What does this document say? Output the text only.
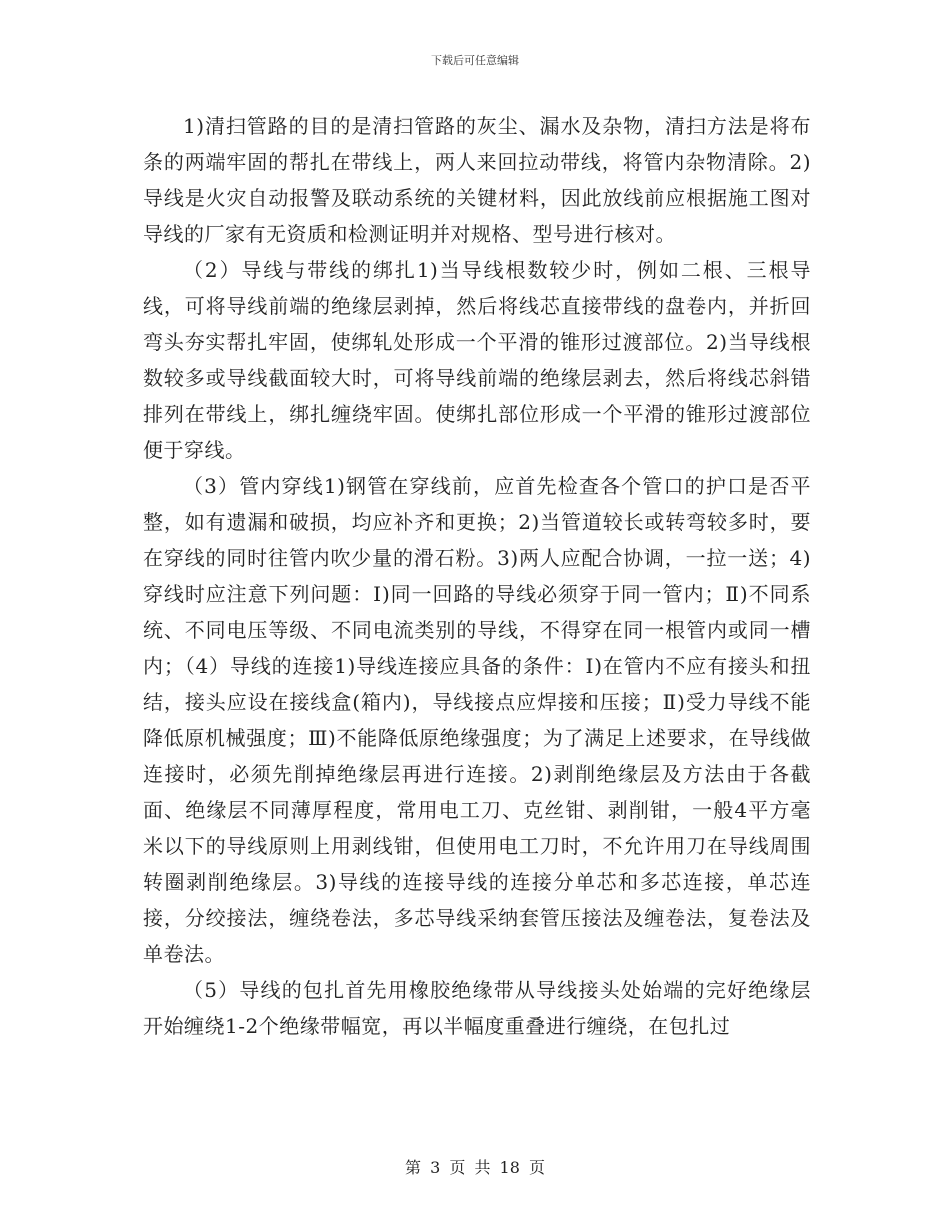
下载后可任意编辑

1)清扫管路的目的是清扫管路的灰尘、漏水及杂物，清扫方法是将布条的两端牢固的帮扎在带线上，两人来回拉动带线，将管内杂物清除。2)导线是火灾自动报警及联动系统的关键材料，因此放线前应根据施工图对导线的厂家有无资质和检测证明并对规格、型号进行核对。

（2）导线与带线的绑扎1)当导线根数较少时，例如二根、三根导线，可将导线前端的绝缘层剥掉，然后将线芯直接带线的盘卷内，并折回弯头夯实帮扎牢固，使绑轧处形成一个平滑的锥形过渡部位。2)当导线根数较多或导线截面较大时，可将导线前端的绝缘层剥去，然后将线芯斜错排列在带线上，绑扎缠绕牢固。使绑扎部位形成一个平滑的锥形过渡部位便于穿线。

（3）管内穿线1)钢管在穿线前，应首先检查各个管口的护口是否平整，如有遗漏和破损，均应补齐和更换；2)当管道较长或转弯较多时，要在穿线的同时往管内吹少量的滑石粉。3)两人应配合协调，一拉一送；4)穿线时应注意下列问题：Ⅰ)同一回路的导线必须穿于同一管内；Ⅱ)不同系统、不同电压等级、不同电流类别的导线，不得穿在同一根管内或同一槽内；（4）导线的连接1)导线连接应具备的条件：Ⅰ)在管内不应有接头和扭结，接头应设在接线盒(箱内)，导线接点应焊接和压接；Ⅱ)受力导线不能降低原机械强度；Ⅲ)不能降低原绝缘强度；为了满足上述要求，在导线做连接时，必须先削掉绝缘层再进行连接。2)剥削绝缘层及方法由于各截面、绝缘层不同薄厚程度，常用电工刀、克丝钳、剥削钳，一般4平方毫米以下的导线原则上用剥线钳，但使用电工刀时，不允许用刀在导线周围转圈剥削绝缘层。3)导线的连接导线的连接分单芯和多芯连接，单芯连接，分绞接法，缠绕卷法，多芯导线采纳套管压接法及缠卷法，复卷法及单卷法。

（5）导线的包扎首先用橡胶绝缘带从导线接头处始端的完好绝缘层开始缠绕1-2个绝缘带幅宽，再以半幅度重叠进行缠绕，在包扎过

第 3 页 共 18 页
